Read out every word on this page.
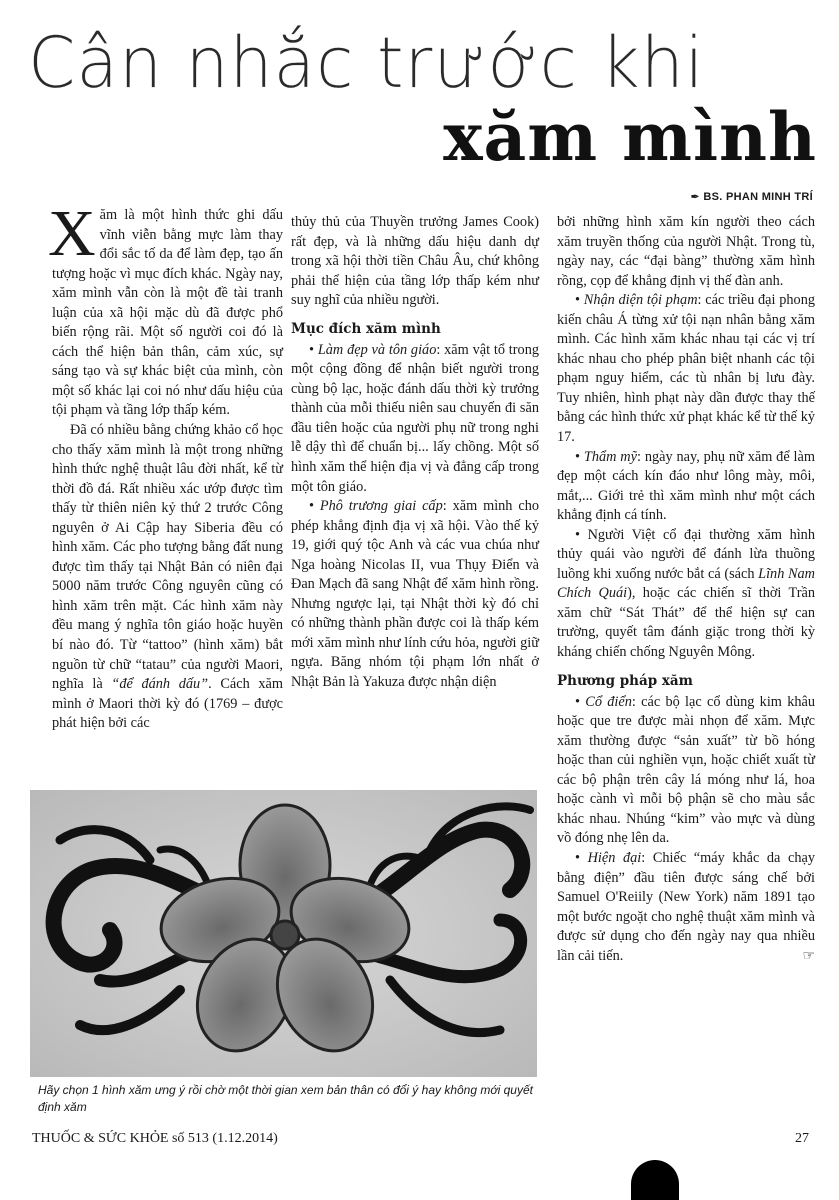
Cân nhắc trước khi
xăm mình
✒ BS. PHAN MINH TRÍ

Xăm là một hình thức ghi dấu vĩnh viễn bằng mực làm thay đổi sắc tố da để làm đẹp, tạo ấn tượng hoặc vì mục đích khác. Ngày nay, xăm mình vẫn còn là một đề tài tranh luận của xã hội mặc dù đã được phổ biến rộng rãi. Một số người coi đó là cách thể hiện bản thân, cảm xúc, sự sáng tạo và sự khác biệt của mình, còn một số khác lại coi nó như dấu hiệu của tội phạm và tầng lớp thấp kém.

Đã có nhiều bằng chứng khảo cổ học cho thấy xăm mình là một trong những hình thức nghệ thuật lâu đời nhất, kể từ thời đồ đá. Rất nhiều xác ướp được tìm thấy từ thiên niên kỷ thứ 2 trước Công nguyên ở Ai Cập hay Siberia đều có hình xăm. Các pho tượng bằng đất nung được tìm thấy tại Nhật Bản có niên đại 5000 năm trước Công nguyên cũng có hình xăm trên mặt. Các hình xăm này đều mang ý nghĩa tôn giáo hoặc huyền bí nào đó. Từ “tattoo” (hình xăm) bắt nguồn từ chữ “tatau” của người Maori, nghĩa là “để đánh dấu”. Cách xăm mình ở Maori thời kỳ đó (1769 – được phát hiện bởi các

thủy thủ của Thuyền trưởng James Cook) rất đẹp, và là những dấu hiệu danh dự trong xã hội thời tiền Châu Âu, chứ không phải thể hiện của tầng lớp thấp kém như suy nghĩ của nhiều người.

Mục đích xăm mình

• Làm đẹp và tôn giáo: xăm vật tổ trong một cộng đồng để nhận biết người trong cùng bộ lạc, hoặc đánh dấu thời kỳ trưởng thành của mỗi thiếu niên sau chuyến đi săn đầu tiên hoặc của người phụ nữ trong nghi lễ dậy thì để chuẩn bị... lấy chồng. Một số hình xăm thể hiện địa vị và đẳng cấp trong một tôn giáo.

• Phô trương giai cấp: xăm mình cho phép khẳng định địa vị xã hội. Vào thế kỷ 19, giới quý tộc Anh và các vua chúa như Nga hoàng Nicolas II, vua Thụy Điển và Đan Mạch đã sang Nhật để xăm hình rồng. Nhưng ngược lại, tại Nhật thời kỳ đó chỉ có những thành phần được coi là thấp kém mới xăm mình như lính cứu hỏa, người giữ ngựa. Băng nhóm tội phạm lớn nhất ở Nhật Bản là Yakuza được nhận diện

bởi những hình xăm kín người theo cách xăm truyền thống của người Nhật. Trong tù, ngày nay, các “đại bàng” thường xăm hình rồng, cọp để khẳng định vị thế đàn anh.

• Nhận diện tội phạm: các triều đại phong kiến châu Á từng xử tội nạn nhân bằng xăm mình. Các hình xăm khác nhau tại các vị trí khác nhau cho phép phân biệt nhanh các tội phạm nguy hiểm, các tù nhân bị lưu đày. Tuy nhiên, hình phạt này dần được thay thế bằng các hình thức xử phạt khác kể từ thế kỷ 17.

• Thẩm mỹ: ngày nay, phụ nữ xăm để làm đẹp một cách kín đáo như lông mày, môi, mắt,... Giới trẻ thì xăm mình như một cách khẳng định cá tính.

• Người Việt cổ đại thường xăm hình thủy quái vào người để đánh lừa thuồng luồng khi xuống nước bắt cá (sách Lĩnh Nam Chích Quái), hoặc các chiến sĩ thời Trần xăm chữ “Sát Thát” để thể hiện sự can trường, quyết tâm đánh giặc trong thời kỳ kháng chiến chống Nguyên Mông.

Phương pháp xăm

• Cổ điển: các bộ lạc cổ dùng kim khâu hoặc que tre được mài nhọn để xăm. Mực xăm thường được “sản xuất” từ bồ hóng hoặc than củi nghiền vụn, hoặc chiết xuất từ các bộ phận trên cây lá móng như lá, hoa hoặc cành vì mỗi bộ phận sẽ cho màu sắc khác nhau. Nhúng “kim” vào mực và dùng vồ đóng nhẹ lên da.

• Hiện đại: Chiếc “máy khắc da chạy bằng điện” đầu tiên được sáng chế bởi Samuel O'Reiily (New York) năm 1891 tạo một bước ngoặt cho nghệ thuật xăm mình và được sử dụng cho đến ngày nay qua nhiều lần cải tiến.	☞

Hãy chọn 1 hình xăm ưng ý rồi chờ một thời gian xem bản thân có đổi ý hay không mới quyết định xăm
THUỐC & SỨC KHỎE số 513 (1.12.2014)	27
